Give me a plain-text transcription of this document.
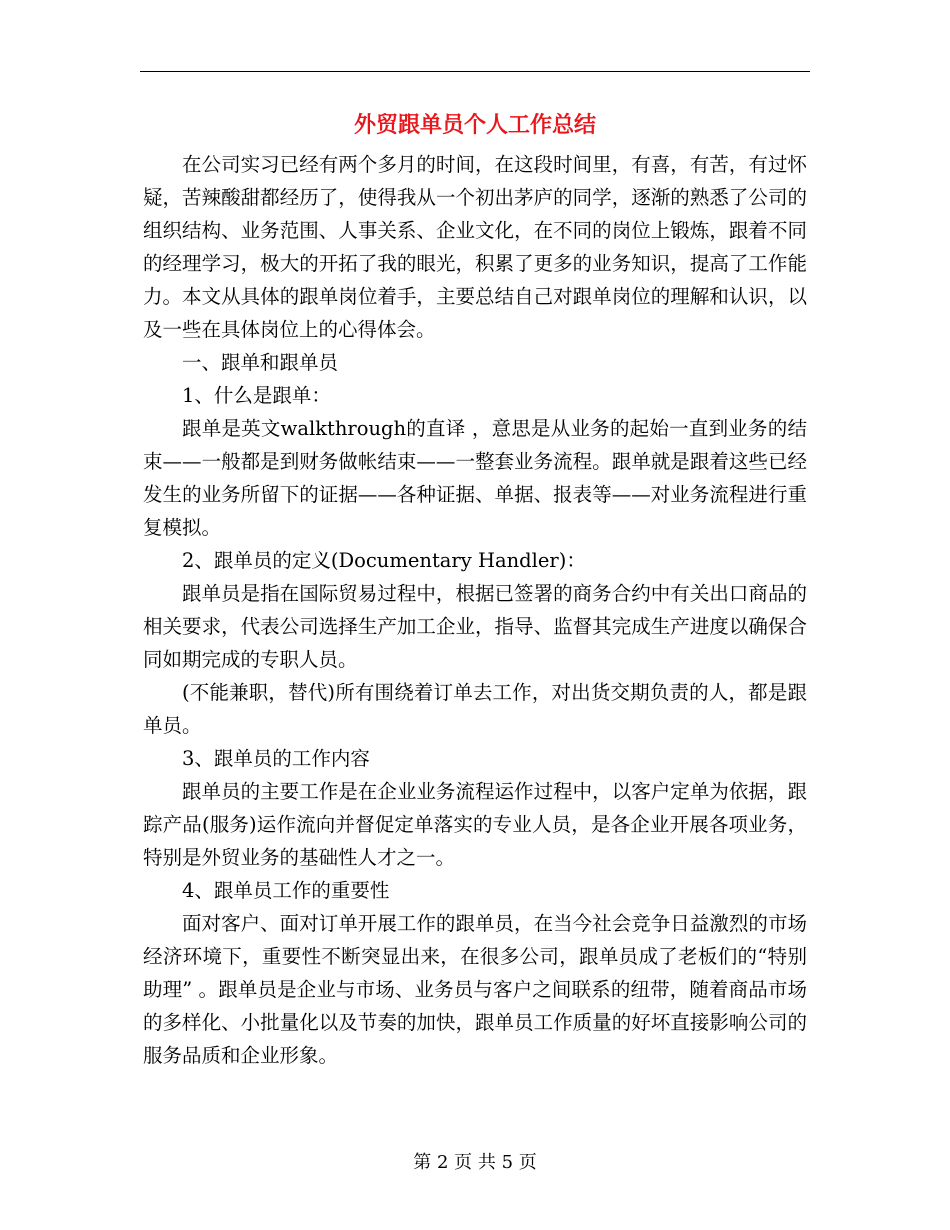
外贸跟单员个人工作总结

在公司实习已经有两个多月的时间，在这段时间里，有喜，有苦，有过怀疑，苦辣酸甜都经历了，使得我从一个初出茅庐的同学，逐渐的熟悉了公司的组织结构、业务范围、人事关系、企业文化，在不同的岗位上锻炼，跟着不同的经理学习，极大的开拓了我的眼光，积累了更多的业务知识，提高了工作能力。本文从具体的跟单岗位着手，主要总结自己对跟单岗位的理解和认识，以及一些在具体岗位上的心得体会。

一、跟单和跟单员

1、什么是跟单：

跟单是英文walkthrough的直译 ，意思是从业务的起始一直到业务的结束——一般都是到财务做帐结束——一整套业务流程。跟单就是跟着这些已经发生的业务所留下的证据——各种证据、单据、报表等——对业务流程进行重复模拟。

2、跟单员的定义(Documentary Handler)：

跟单员是指在国际贸易过程中，根据已签署的商务合约中有关出口商品的相关要求，代表公司选择生产加工企业，指导、监督其完成生产进度以确保合同如期完成的专职人员。

(不能兼职，替代)所有围绕着订单去工作，对出货交期负责的人，都是跟单员。

3、跟单员的工作内容

跟单员的主要工作是在企业业务流程运作过程中，以客户定单为依据，跟踪产品(服务)运作流向并督促定单落实的专业人员，是各企业开展各项业务，特别是外贸业务的基础性人才之一。

4、跟单员工作的重要性

面对客户、面对订单开展工作的跟单员，在当今社会竞争日益激烈的市场经济环境下，重要性不断突显出来，在很多公司，跟单员成了老板们的“特别助理” 。跟单员是企业与市场、业务员与客户之间联系的纽带，随着商品市场的多样化、小批量化以及节奏的加快，跟单员工作质量的好坏直接影响公司的服务品质和企业形象。

第 2 页 共 5 页
